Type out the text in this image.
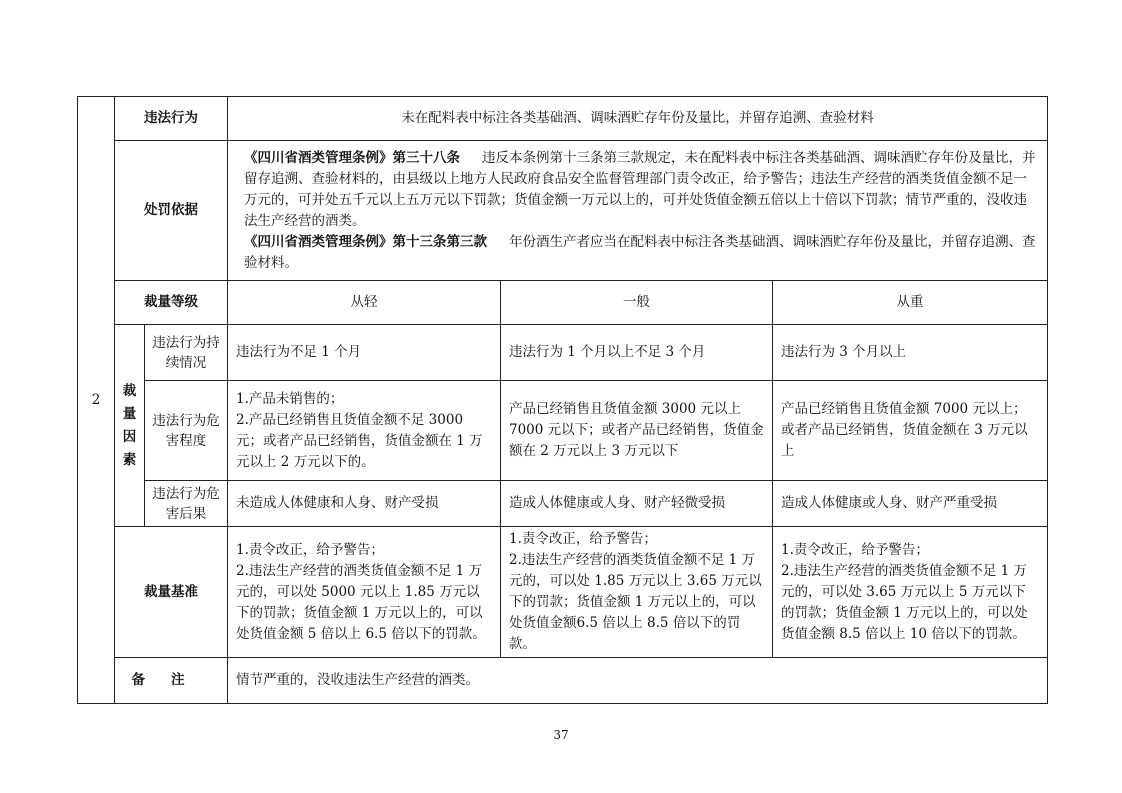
2	违法行为		未在配料表中标注各类基础酒、调味酒贮存年份及量比，并留存追溯、查验材料		
	处罚依据		《四川省酒类管理条例》第三十八条 违反本条例第十三条第三款规定，未在配料表中标注各类基础酒、调味酒贮存年份及量比，并留存追溯、查验材料的，由县级以上地方人民政府食品安全监督管理部门责令改正，给予警告；违法生产经营的酒类货值金额不足一万元的，可并处五千元以上五万元以下罚款；货值金额一万元以上的，可并处货值金额五倍以上十倍以下罚款；情节严重的，没收违法生产经营的酒类。
《四川省酒类管理条例》第十三条第三款 年份酒生产者应当在配料表中标注各类基础酒、调味酒贮存年份及量比，并留存追溯、查验材料。		
	裁量等级		从轻	一般	从重

	裁
量
因
素	违法行为持续情况	违法行为不足 1 个月	违法行为 1 个月以上不足 3 个月	违法行为 3 个月以上
		违法行为危害程度	1.产品未销售的；
2.产品已经销售且货值金额不足 3000 元；或者产品已经销售，货值金额在 1 万元以上 2 万元以下的。	产品已经销售且货值金额 3000 元以上 7000 元以下；或者产品已经销售，货值金额在 2 万元以上 3 万元以下	产品已经销售且货值金额 7000 元以上；或者产品已经销售，货值金额在 3 万元以上
		违法行为危害后果	未造成人体健康和人身、财产受损	造成人体健康或人身、财产轻微受损	造成人体健康或人身、财产严重受损
	裁量基准		1.责令改正，给予警告；
2.违法生产经营的酒类货值金额不足 1 万元的，可以处 5000 元以上 1.85 万元以下的罚款；货值金额 1 万元以上的，可以处货值金额 5 倍以上 6.5 倍以下的罚款。	1.责令改正，给予警告；
2.违法生产经营的酒类货值金额不足 1 万元的，可以处 1.85 万元以上 3.65 万元以下的罚款；货值金额 1 万元以上的，可以处货值金额6.5 倍以上 8.5 倍以下的罚款。	1.责令改正，给予警告；
2.违法生产经营的酒类货值金额不足 1 万元的，可以处 3.65 万元以上 5 万元以下的罚款；货值金额 1 万元以上的，可以处货值金额 8.5 倍以上 10 倍以下的罚款。
	备注		情节严重的，没收违法生产经营的酒类。		
37
